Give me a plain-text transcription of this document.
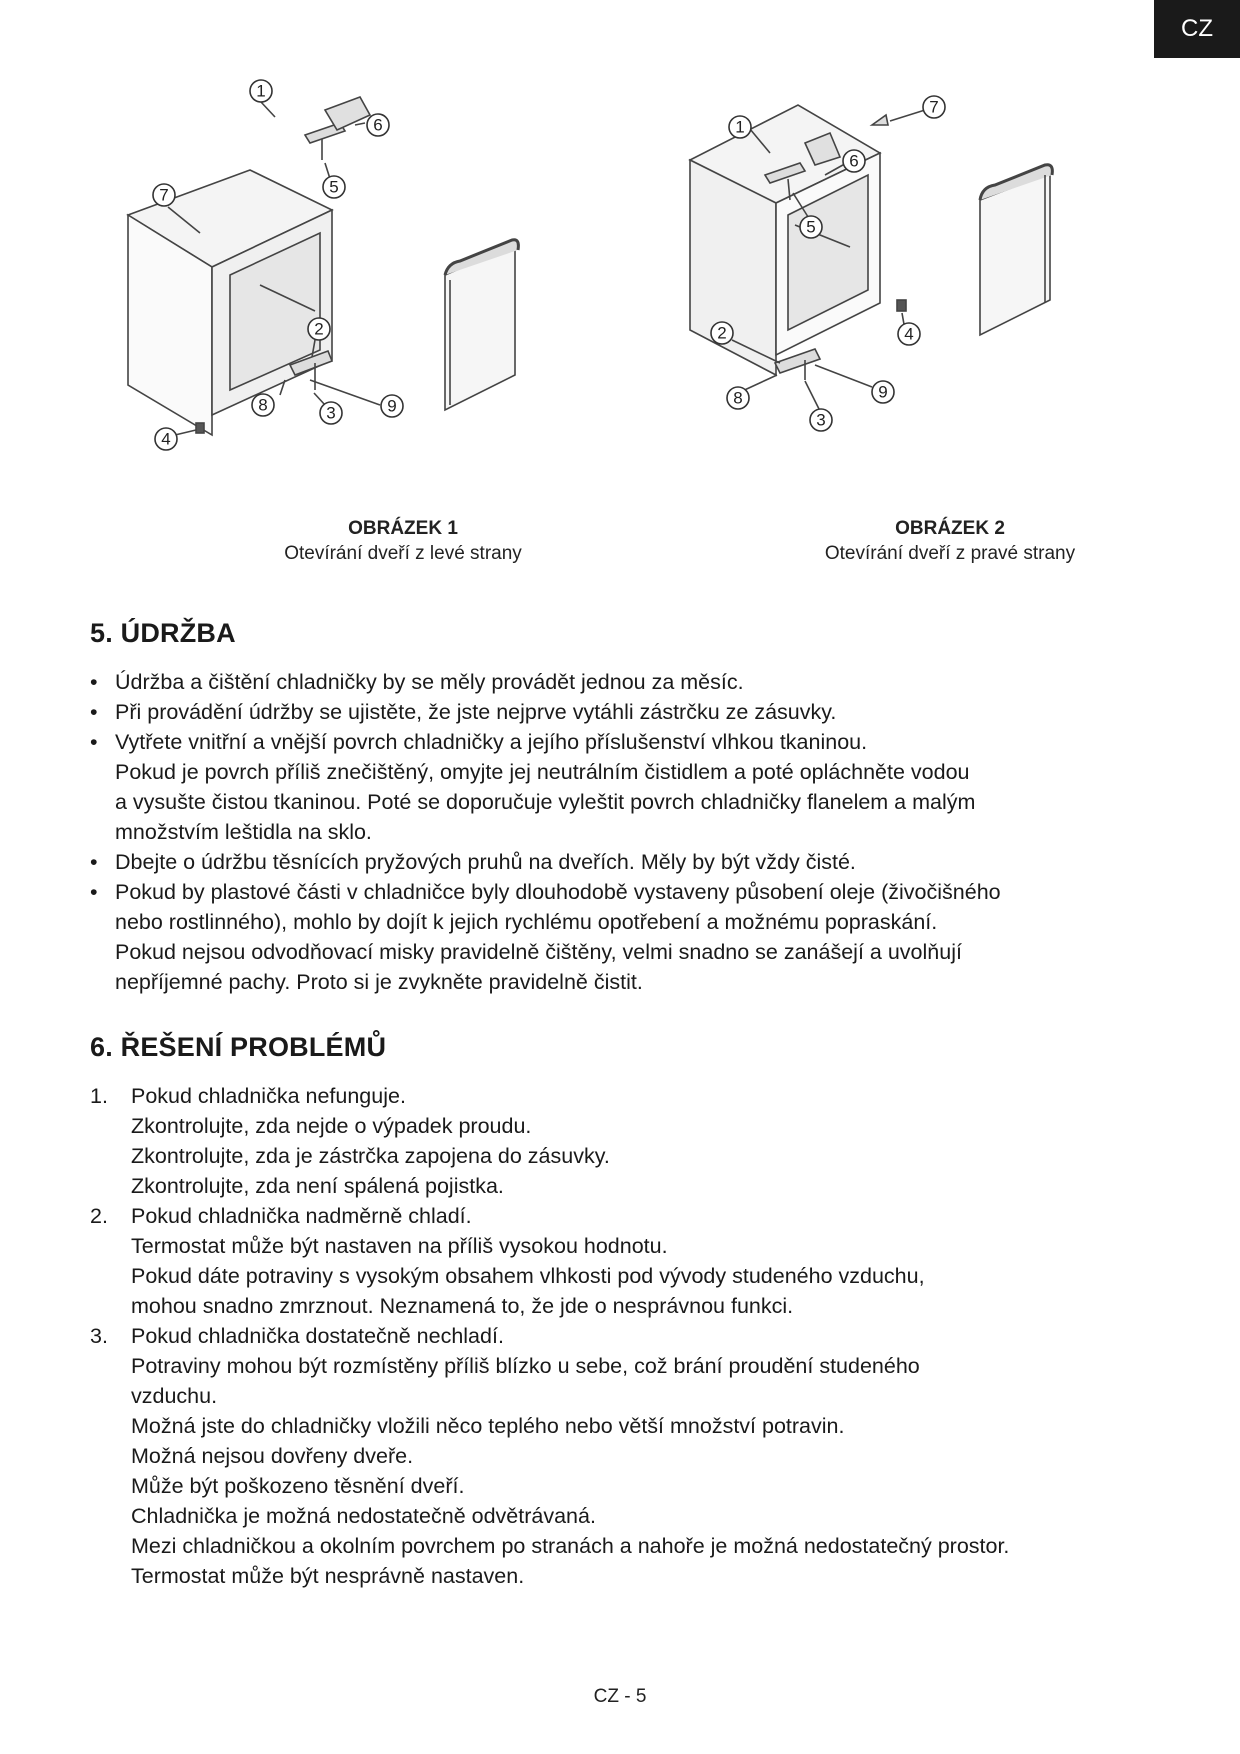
CZ
1
6
5
7
2
9
8	3
4
1
6
7
5
4
2
9
8
3
OBRÁZEK 1
Otevírání dveří z levé strany
OBRÁZEK 2
Otevírání dveří z pravé strany
5. ÚDRŽBA
• Údržba a čištění chladničky by se měly provádět jednou za měsíc.
• Při provádění údržby se ujistěte, že jste nejprve vytáhli zástrčku ze zásuvky.
• Vytřete vnitřní a vnější povrch chladničky a jejího příslušenství vlhkou tkaninou.
Pokud je povrch příliš znečištěný, omyjte jej neutrálním čistidlem a poté opláchněte vodou
a vysušte čistou tkaninou. Poté se doporučuje vyleštit povrch chladničky flanelem a malým
množstvím leštidla na sklo.
• Dbejte o údržbu těsnících pryžových pruhů na dveřích. Měly by být vždy čisté.
• Pokud by plastové části v chladničce byly dlouhodobě vystaveny působení oleje (živočišného
nebo rostlinného), mohlo by dojít k jejich rychlému opotřebení a možnému popraskání.
Pokud nejsou odvodňovací misky pravidelně čištěny, velmi snadno se zanášejí a uvolňují
nepříjemné pachy. Proto si je zvykněte pravidelně čistit.
6. ŘEŠENÍ PROBLÉMŮ
1. Pokud chladnička nefunguje.
Zkontrolujte, zda nejde o výpadek proudu.
Zkontrolujte, zda je zástrčka zapojena do zásuvky.
Zkontrolujte, zda není spálená pojistka.
2. Pokud chladnička nadměrně chladí.
Termostat může být nastaven na příliš vysokou hodnotu.
Pokud dáte potraviny s vysokým obsahem vlhkosti pod vývody studeného vzduchu,
mohou snadno zmrznout. Neznamená to, že jde o nesprávnou funkci.
3. Pokud chladnička dostatečně nechladí.
Potraviny mohou být rozmístěny příliš blízko u sebe, což brání proudění studeného
vzduchu.
Možná jste do chladničky vložili něco teplého nebo větší množství potravin.
Možná nejsou dovřeny dveře.
Může být poškozeno těsnění dveří.
Chladnička je možná nedostatečně odvětrávaná.
Mezi chladničkou a okolním povrchem po stranách a nahoře je možná nedostatečný prostor.
Termostat může být nesprávně nastaven.
CZ - 5
